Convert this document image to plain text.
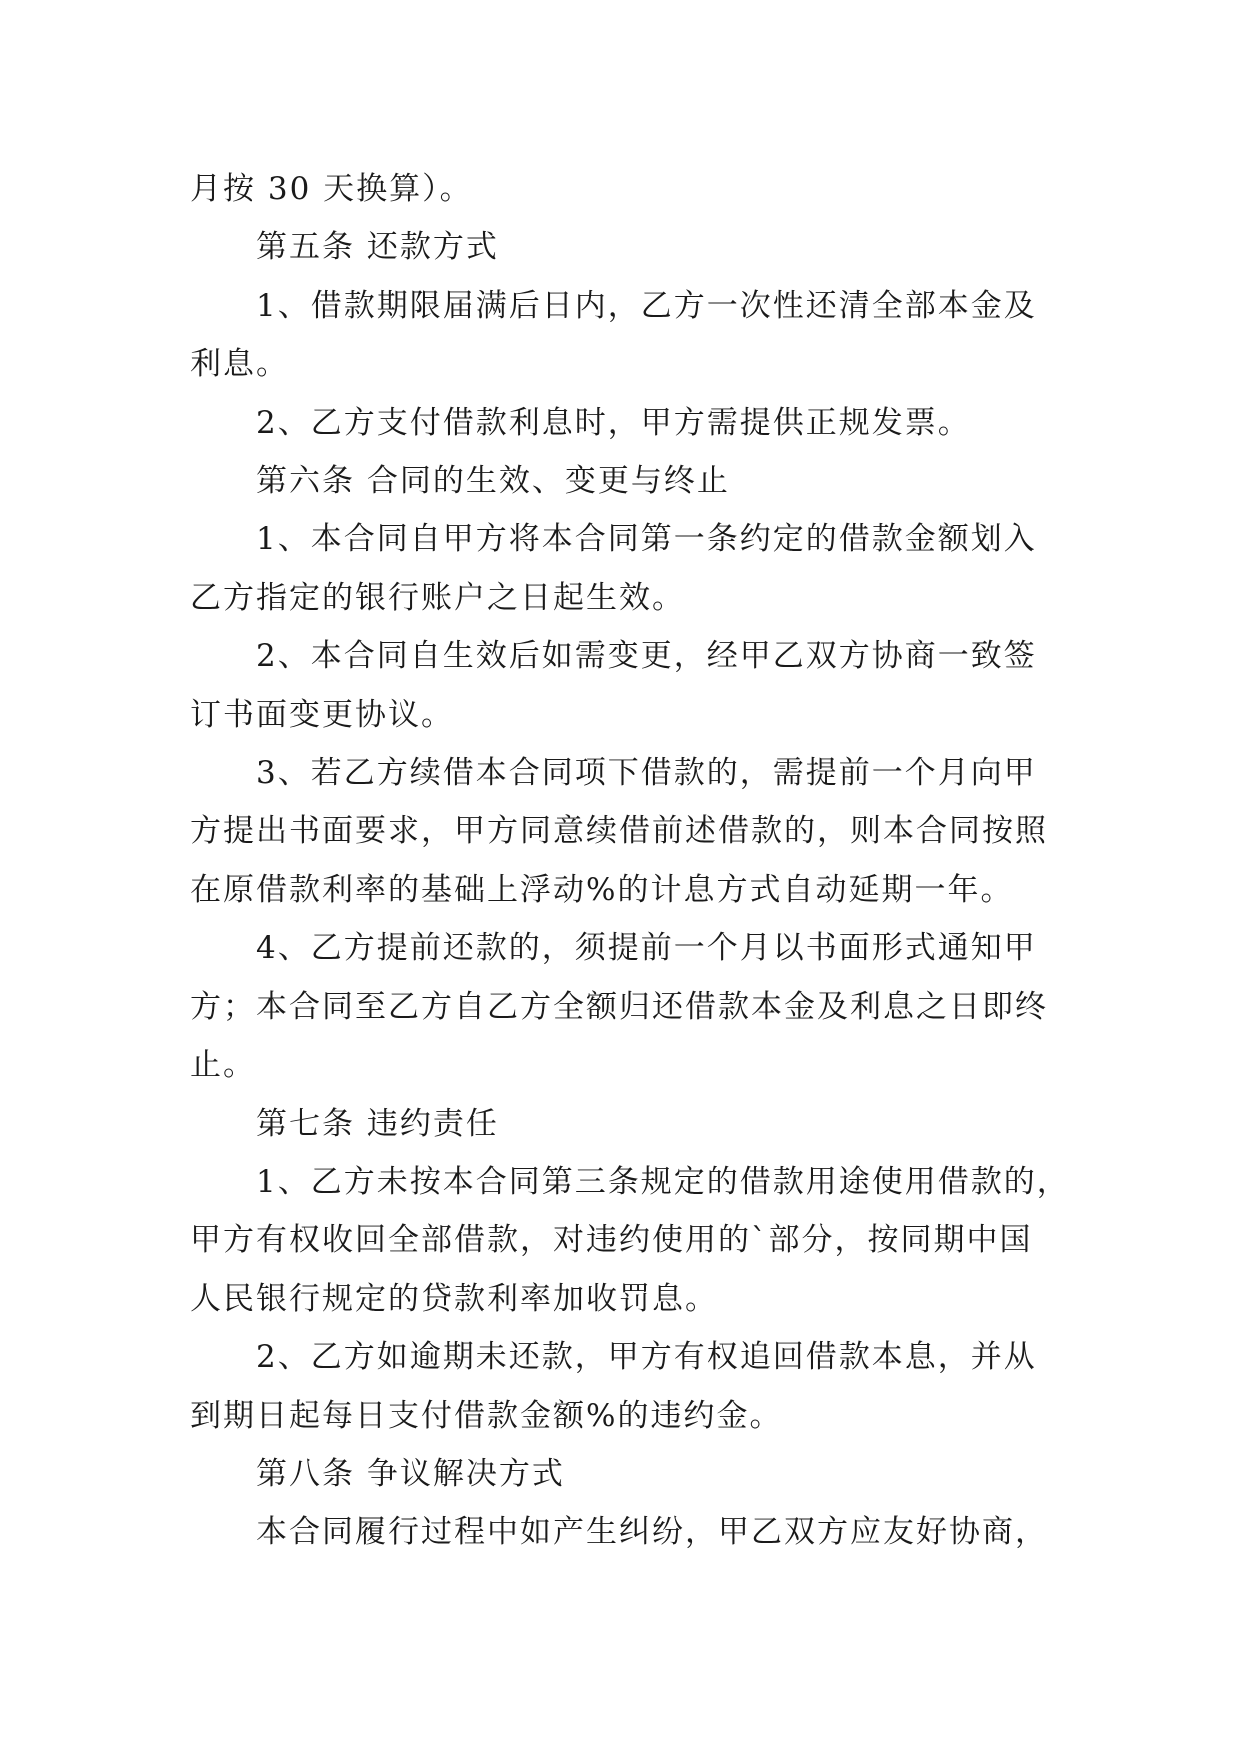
月按 30 天换算）。
第五条 还款方式
1、借款期限届满后日内，乙方一次性还清全部本金及
利息。
2、乙方支付借款利息时，甲方需提供正规发票。
第六条 合同的生效、变更与终止
1、本合同自甲方将本合同第一条约定的借款金额划入
乙方指定的银行账户之日起生效。
2、本合同自生效后如需变更，经甲乙双方协商一致签
订书面变更协议。
3、若乙方续借本合同项下借款的，需提前一个月向甲
方提出书面要求，甲方同意续借前述借款的，则本合同按照
在原借款利率的基础上浮动%的计息方式自动延期一年。
4、乙方提前还款的，须提前一个月以书面形式通知甲
方；本合同至乙方自乙方全额归还借款本金及利息之日即终
止。
第七条 违约责任
1、乙方未按本合同第三条规定的借款用途使用借款的，
甲方有权收回全部借款，对违约使用的`部分，按同期中国
人民银行规定的贷款利率加收罚息。
2、乙方如逾期未还款，甲方有权追回借款本息，并从
到期日起每日支付借款金额%的违约金。
第八条 争议解决方式
本合同履行过程中如产生纠纷，甲乙双方应友好协商，
